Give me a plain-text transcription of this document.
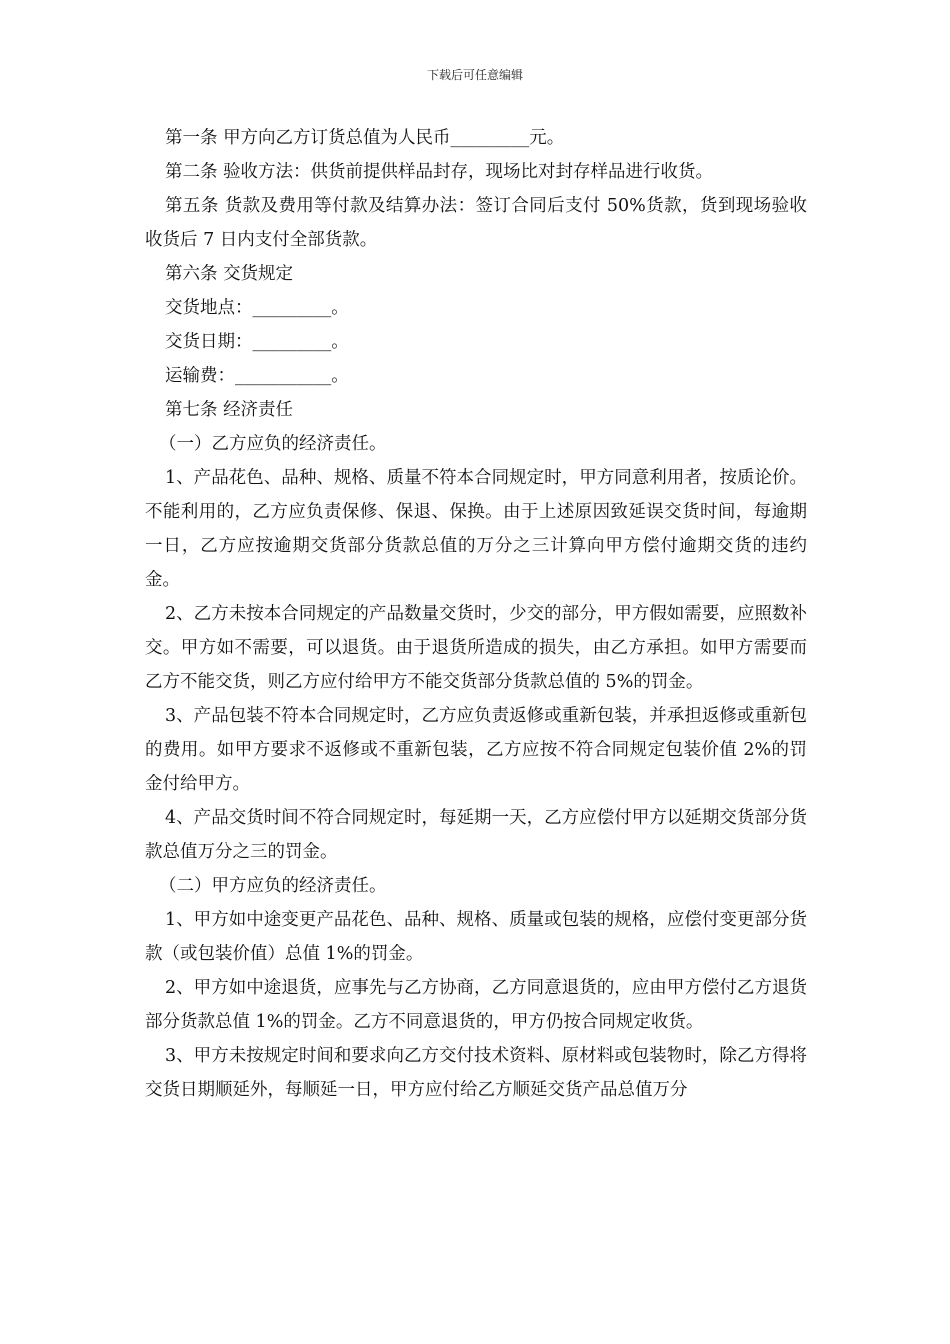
下载后可任意编辑

第一条 甲方向乙方订货总值为人民币_________元。

第二条 验收方法：供货前提供样品封存，现场比对封存样品进行收货。

第五条 货款及费用等付款及结算办法：签订合同后支付 50%货款，货到现场验收收货后 7 日内支付全部货款。

第六条 交货规定

交货地点：_________。

交货日期：_________。

运输费：___________。

第七条 经济责任

（一）乙方应负的经济责任。

1、产品花色、品种、规格、质量不符本合同规定时，甲方同意利用者，按质论价。不能利用的，乙方应负责保修、保退、保换。由于上述原因致延误交货时间，每逾期一日，乙方应按逾期交货部分货款总值的万分之三计算向甲方偿付逾期交货的违约金。

2、乙方未按本合同规定的产品数量交货时，少交的部分，甲方假如需要，应照数补交。甲方如不需要，可以退货。由于退货所造成的损失，由乙方承担。如甲方需要而乙方不能交货，则乙方应付给甲方不能交货部分货款总值的 5%的罚金。

3、产品包装不符本合同规定时，乙方应负责返修或重新包装，并承担返修或重新包的费用。如甲方要求不返修或不重新包装，乙方应按不符合同规定包装价值 2%的罚金付给甲方。

4、产品交货时间不符合同规定时，每延期一天，乙方应偿付甲方以延期交货部分货款总值万分之三的罚金。

（二）甲方应负的经济责任。

1、甲方如中途变更产品花色、品种、规格、质量或包装的规格，应偿付变更部分货款（或包装价值）总值 1%的罚金。

2、甲方如中途退货，应事先与乙方协商，乙方同意退货的，应由甲方偿付乙方退货部分货款总值 1%的罚金。乙方不同意退货的，甲方仍按合同规定收货。

3、甲方未按规定时间和要求向乙方交付技术资料、原材料或包装物时，除乙方得将交货日期顺延外，每顺延一日，甲方应付给乙方顺延交货产品总值万分
